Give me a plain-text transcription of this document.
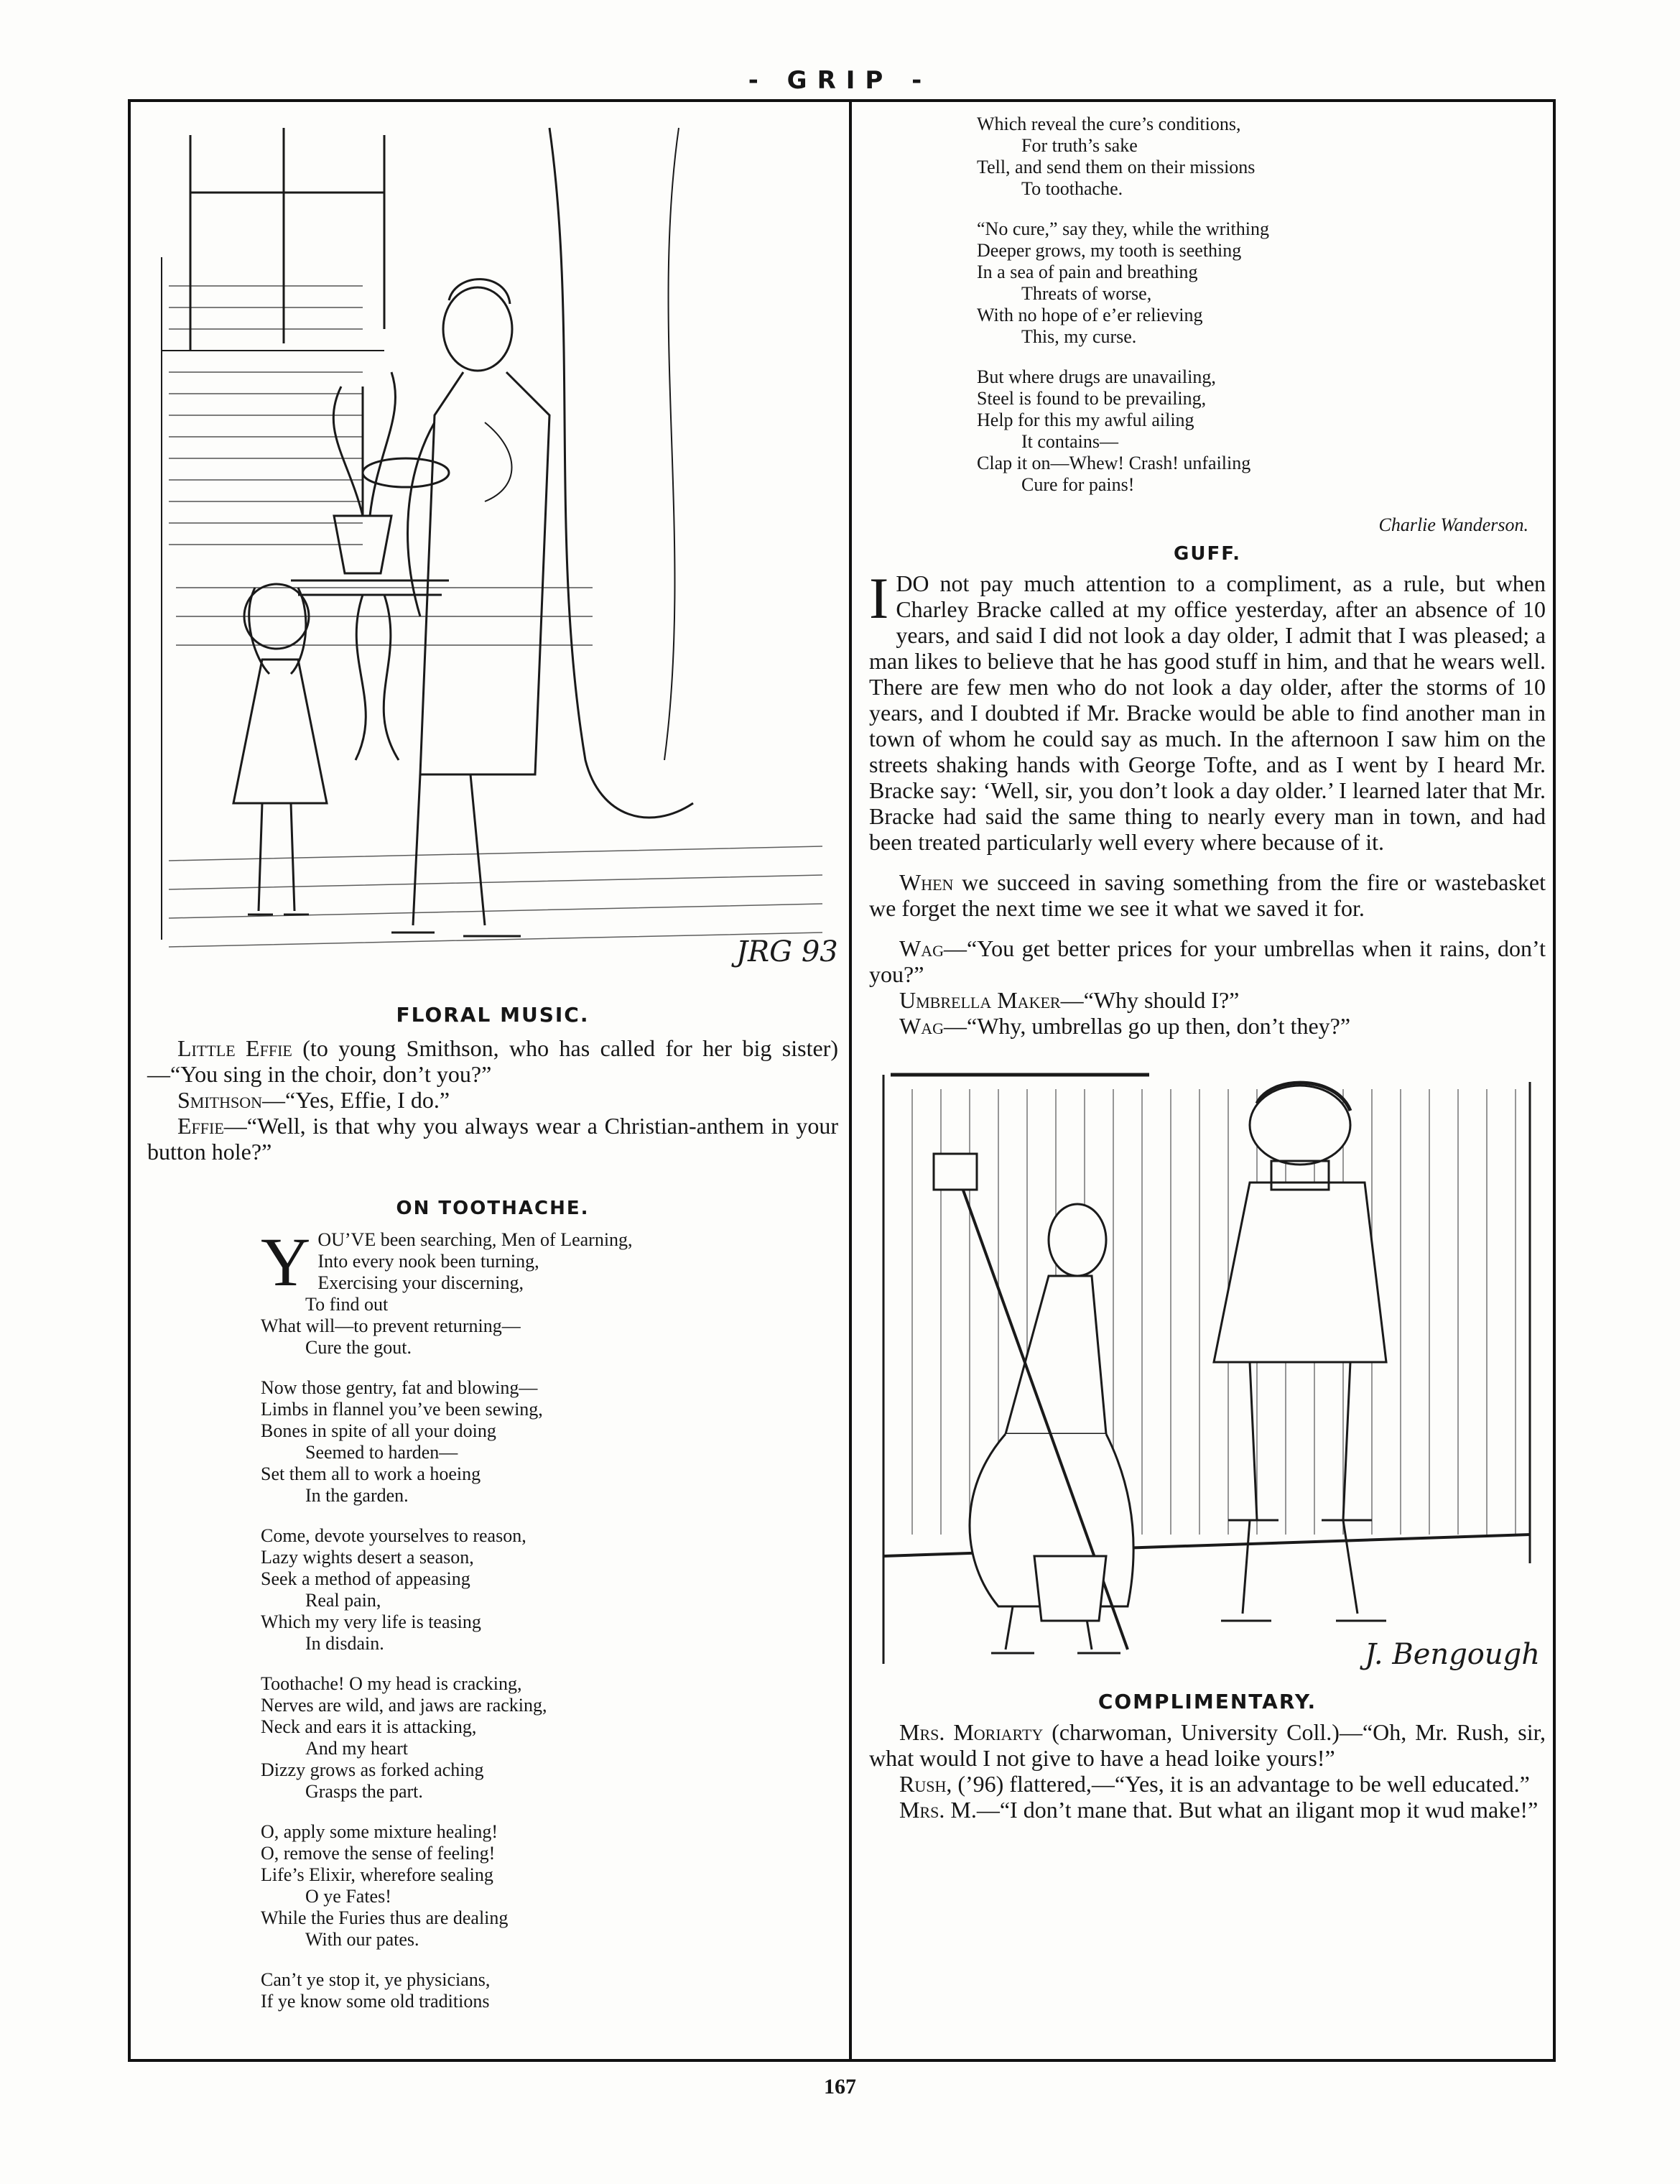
- GRIP -
JRG 93
FLORAL MUSIC.

Little Effie (to young Smithson, who has called for her big sister)—“You sing in the choir, don’t you?”

Smithson—“Yes, Effie, I do.”

Effie—“Well, is that why you always wear a Christian-anthem in your button hole?”

ON TOOTHACHE.
Y OU’VE been searching, Men of Learning,
Into every nook been turning,
Exercising your discerning,
To find out
What will—to prevent returning—
Cure the gout.
Now those gentry, fat and blowing—
Limbs in flannel you’ve been sewing,
Bones in spite of all your doing
Seemed to harden—
Set them all to work a hoeing
In the garden.
Come, devote yourselves to reason,
Lazy wights desert a season,
Seek a method of appeasing
Real pain,
Which my very life is teasing
In disdain.
Toothache! O my head is cracking,
Nerves are wild, and jaws are racking,
Neck and ears it is attacking,
And my heart
Dizzy grows as forked aching
Grasps the part.
O, apply some mixture healing!
O, remove the sense of feeling!
Life’s Elixir, wherefore sealing
O ye Fates!
While the Furies thus are dealing
With our pates.
Can’t ye stop it, ye physicians,
If ye know some old traditions
Which reveal the cure’s conditions,
For truth’s sake
Tell, and send them on their missions
To toothache.
“No cure,” say they, while the writhing
Deeper grows, my tooth is seething
In a sea of pain and breathing
Threats of worse,
With no hope of e’er relieving
This, my curse.
But where drugs are unavailing,
Steel is found to be prevailing,
Help for this my awful ailing
It contains—
Clap it on—Whew! Crash! unfailing
Cure for pains!
Charlie Wanderson.
GUFF.

IDO not pay much attention to a compliment, as a rule, but when Charley Bracke called at my office yesterday, after an absence of 10 years, and said I did not look a day older, I admit that I was pleased; a man likes to believe that he has good stuff in him, and that he wears well. There are few men who do not look a day older, after the storms of 10 years, and I doubted if Mr. Bracke would be able to find another man in town of whom he could say as much. In the afternoon I saw him on the streets shaking hands with George Tofte, and as I went by I heard Mr. Bracke say: ‘Well, sir, you don’t look a day older.’ I learned later that Mr. Bracke had said the same thing to nearly every man in town, and had been treated particularly well every where because of it.

When we succeed in saving something from the fire or wastebasket we forget the next time we see it what we saved it for.

Wag—“You get better prices for your umbrellas when it rains, don’t you?”

Umbrella Maker—“Why should I?”

Wag—“Why, umbrellas go up then, don’t they?”

J. Bengough
COMPLIMENTARY.

Mrs. Moriarty (charwoman, University Coll.)—“Oh, Mr. Rush, sir, what would I not give to have a head loike yours!”

Rush, (’96) flattered,—“Yes, it is an advantage to be well educated.”

Mrs. M.—“I don’t mane that. But what an iligant mop it wud make!”

167
